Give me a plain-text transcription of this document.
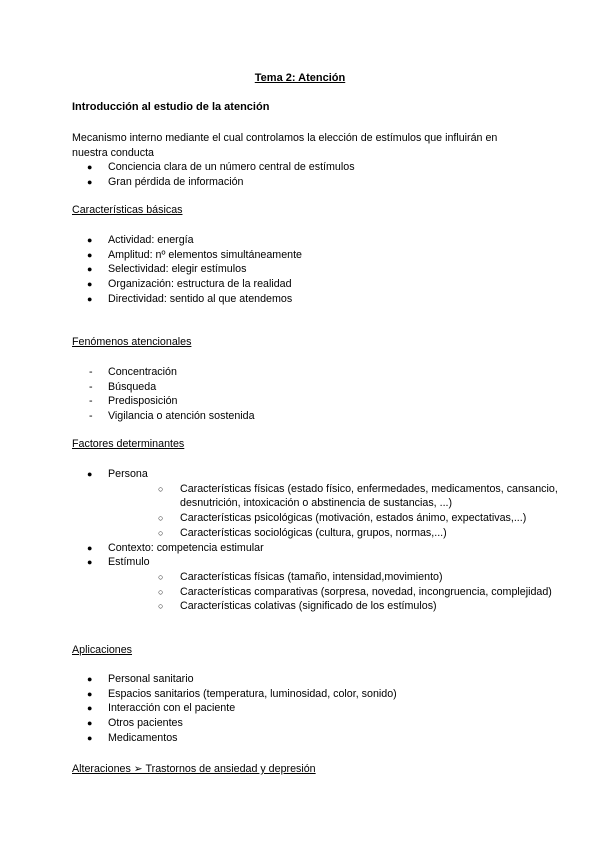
Tema 2: Atención
Introducción al estudio de la atención
Mecanismo interno mediante el cual controlamos la elección de estímulos que influirán en nuestra conducta
● Conciencia clara de un número central de estímulos
● Gran pérdida de información
Características básicas
● Actividad: energía
● Amplitud: nº elementos simultáneamente
● Selectividad: elegir estímulos
● Organización: estructura de la realidad
● Directividad: sentido al que atendemos
Fenómenos atencionales
- Concentración
- Búsqueda
- Predisposición
- Vigilancia o atención sostenida
Factores determinantes
● Persona
○ Características físicas (estado físico, enfermedades, medicamentos, cansancio, desnutrición, intoxicación o abstinencia de sustancias, ...)
○ Características psicológicas (motivación, estados ánimo, expectativas,...)
○ Características sociológicas (cultura, grupos, normas,...)
● Contexto: competencia estimular
● Estímulo
○ Características físicas (tamaño, intensidad,movimiento)
○ Características comparativas (sorpresa, novedad, incongruencia, complejidad)
○ Características colativas (significado de los estímulos)
Aplicaciones
● Personal sanitario
● Espacios sanitarios (temperatura, luminosidad, color, sonido)
● Interacción con el paciente
● Otros pacientes
● Medicamentos
Alteraciones ➢ Trastornos de ansiedad y depresión
